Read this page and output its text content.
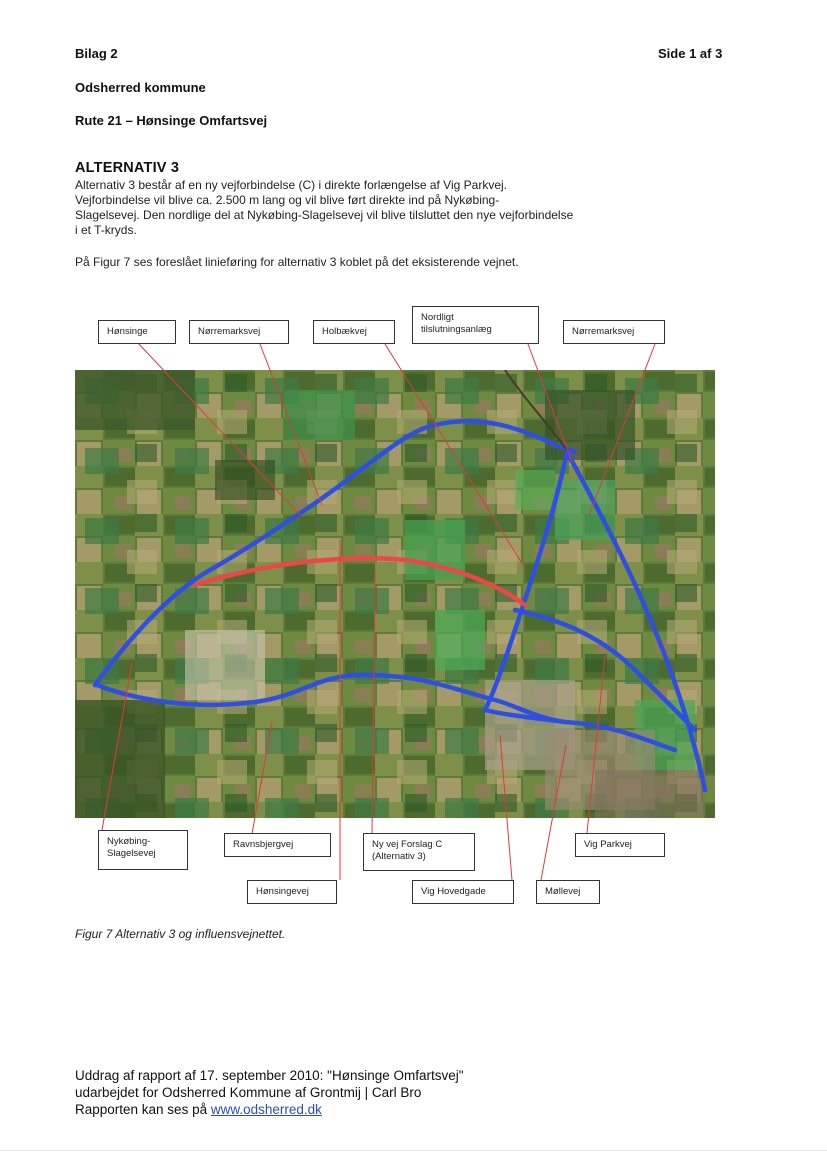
Bilag 2	Side 1 af 3
Odsherred kommune
Rute 21 – Hønsinge Omfartsvej
ALTERNATIV 3

Alternativ 3 består af en ny vejforbindelse (C) i direkte forlængelse af Vig Parkvej.

Vejforbindelse vil blive ca. 2.500 m lang og vil blive ført direkte ind på Nykøbing-

Slagelsevej. Den nordlige del at Nykøbing-Slagelsevej vil blive tilsluttet den nye vejforbindelse

i et T-kryds.

På Figur 7 ses foreslået linieføring for alternativ 3 koblet på det eksisterende vejnet.
Hønsinge	Nørremarksvej	Holbækvej
Nordligt
tilslutningsanlæg	Nørremarksvej
Nykøbing-
Slagelsevej
Ravnsbjergvej	Ny vej Forslag C
(Alternativ 3)
Vig Parkvej
Hønsingevej	Vig Hovedgade	Møllevej
Figur 7 Alternativ 3 og influensvejnettet.
Uddrag af rapport af 17. september 2010: "Hønsinge Omfartsvej"
udarbejdet for Odsherred Kommune af Grontmij | Carl Bro
Rapporten kan ses på www.odsherred.dk
